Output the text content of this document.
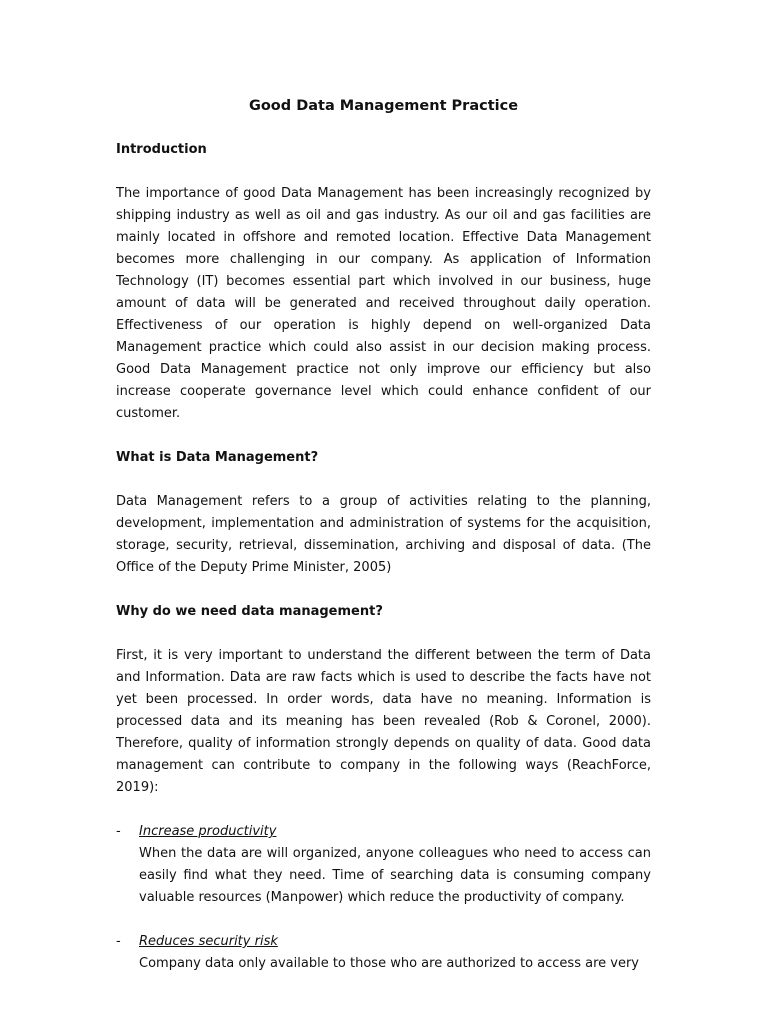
Good Data Management Practice
Introduction
The importance of good Data Management has been increasingly recognized by shipping industry as well as oil and gas industry. As our oil and gas facilities are mainly located in offshore and remoted location. Effective Data Management becomes more challenging in our company. As application of Information Technology (IT) becomes essential part which involved in our business, huge amount of data will be generated and received throughout daily operation. Effectiveness of our operation is highly depend on well-organized Data Management practice which could also assist in our decision making process. Good Data Management practice not only improve our efficiency but also increase cooperate governance level which could enhance confident of our customer.
What is Data Management?
Data Management refers to a group of activities relating to the planning, development, implementation and administration of systems for the acquisition, storage, security, retrieval, dissemination, archiving and disposal of data. (The Office of the Deputy Prime Minister, 2005)
Why do we need data management?
First, it is very important to understand the different between the term of Data and Information. Data are raw facts which is used to describe the facts have not yet been processed. In order words, data have no meaning. Information is processed data and its meaning has been revealed (Rob & Coronel, 2000). Therefore, quality of information strongly depends on quality of data. Good data management can contribute to company in the following ways (ReachForce, 2019):
- Increase productivity
When the data are will organized, anyone colleagues who need to access can easily find what they need. Time of searching data is consuming company valuable resources (Manpower) which reduce the productivity of company.
- Reduces security risk
Company data only available to those who are authorized to access are very
